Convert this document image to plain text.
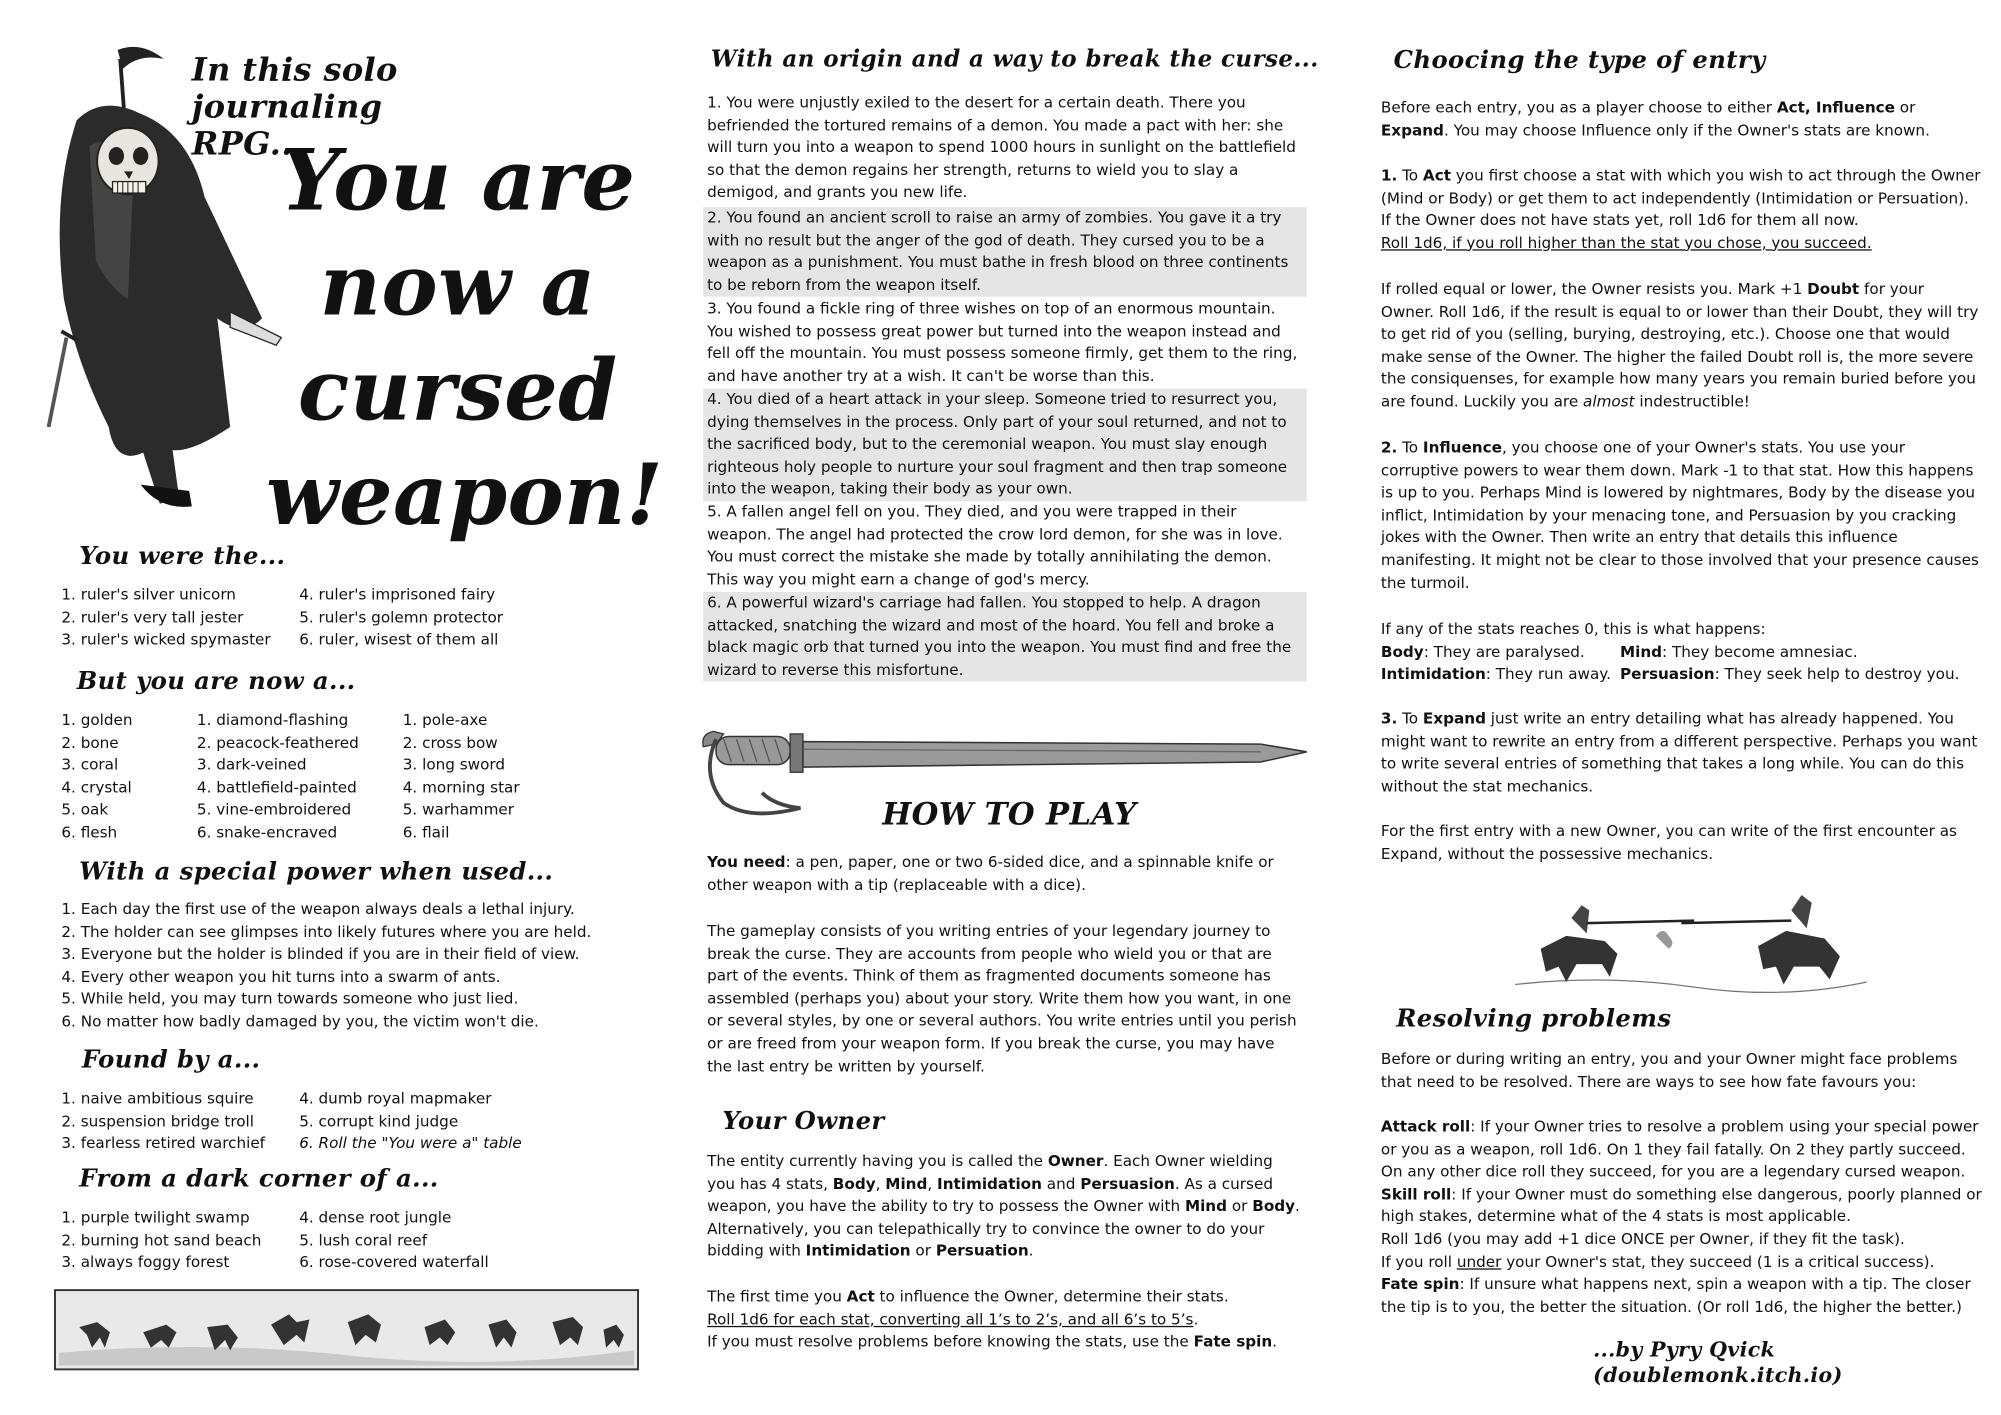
In this solo journaling RPG...
You are
now a
cursed
weapon!
You were the...
1. ruler's silver unicorn
2. ruler's very tall jester
3. ruler's wicked spymaster
4. ruler's imprisoned fairy
5. ruler's golemn protector
6. ruler, wisest of them all
But you are now a...
1. golden
2. bone
3. coral
4. crystal
5. oak
6. flesh
1. diamond-flashing
2. peacock-feathered
3. dark-veined
4. battlefield-painted
5. vine-embroidered
6. snake-encraved
1. pole-axe
2. cross bow
3. long sword
4. morning star
5. warhammer
6. flail
With a special power when used...
1. Each day the first use of the weapon always deals a lethal injury.
2. The holder can see glimpses into likely futures where you are held.
3. Everyone but the holder is blinded if you are in their field of view.
4. Every other weapon you hit turns into a swarm of ants.
5. While held, you may turn towards someone who just lied.
6. No matter how badly damaged by you, the victim won't die.
Found by a...
1. naive ambitious squire
2. suspension bridge troll
3. fearless retired warchief
4. dumb royal mapmaker
5. corrupt kind judge
6. Roll the "You were a" table
From a dark corner of a...
1. purple twilight swamp
2. burning hot sand beach
3. always foggy forest
4. dense root jungle
5. lush coral reef
6. rose-covered waterfall
With an origin and a way to break the curse...

1. You were unjustly exiled to the desert for a certain death. There you befriended the tortured remains of a demon. You made a pact with her: she will turn you into a weapon to spend 1000 hours in sunlight on the battlefield so that the demon regains her strength, returns to wield you to slay a demigod, and grants you new life.

2. You found an ancient scroll to raise an army of zombies. You gave it a try with no result but the anger of the god of death. They cursed you to be a weapon as a punishment. You must bathe in fresh blood on three continents to be reborn from the weapon itself.

3. You found a fickle ring of three wishes on top of an enormous mountain. You wished to possess great power but turned into the weapon instead and fell off the mountain. You must possess someone firmly, get them to the ring, and have another try at a wish. It can't be worse than this.

4. You died of a heart attack in your sleep. Someone tried to resurrect you, dying themselves in the process. Only part of your soul returned, and not to the sacrificed body, but to the ceremonial weapon. You must slay enough righteous holy people to nurture your soul fragment and then trap someone into the weapon, taking their body as your own.

5. A fallen angel fell on you. They died, and you were trapped in their weapon. The angel had protected the crow lord demon, for she was in love. You must correct the mistake she made by totally annihilating the demon. This way you might earn a change of god's mercy.

6. A powerful wizard's carriage had fallen. You stopped to help. A dragon attacked, snatching the wizard and most of the hoard. You fell and broke a black magic orb that turned you into the weapon. You must find and free the wizard to reverse this misfortune.

HOW TO PLAY

You need: a pen, paper, one or two 6-sided dice, and a spinnable knife or other weapon with a tip (replaceable with a dice).

The gameplay consists of you writing entries of your legendary journey to break the curse. They are accounts from people who wield you or that are part of the events. Think of them as fragmented documents someone has assembled (perhaps you) about your story. Write them how you want, in one or several styles, by one or several authors. You write entries until you perish or are freed from your weapon form. If you break the curse, you may have the last entry be written by yourself.

Your Owner

The entity currently having you is called the Owner. Each Owner wielding you has 4 stats, Body, Mind, Intimidation and Persuasion. As a cursed weapon, you have the ability to try to possess the Owner with Mind or Body. Alternatively, you can telepathically try to convince the owner to do your bidding with Intimidation or Persuation.

The first time you Act to influence the Owner, determine their stats.

Roll 1d6 for each stat, converting all 1’s to 2’s, and all 6’s to 5’s.

If you must resolve problems before knowing the stats, use the Fate spin.

Choocing the type of entry

Before each entry, you as a player choose to either Act, Influence or Expand. You may choose Influence only if the Owner's stats are known.

1. To Act you first choose a stat with which you wish to act through the Owner (Mind or Body) or get them to act independently (Intimidation or Persuation). If the Owner does not have stats yet, roll 1d6 for them all now.

Roll 1d6, if you roll higher than the stat you chose, you succeed.

If rolled equal or lower, the Owner resists you. Mark +1 Doubt for your Owner. Roll 1d6, if the result is equal to or lower than their Doubt, they will try to get rid of you (selling, burying, destroying, etc.). Choose one that would make sense of the Owner. The higher the failed Doubt roll is, the more severe the consiquenses, for example how many years you remain buried before you are found. Luckily you are almost indestructible!

2. To Influence, you choose one of your Owner's stats. You use your corruptive powers to wear them down. Mark -1 to that stat. How this happens is up to you. Perhaps Mind is lowered by nightmares, Body by the disease you inflict, Intimidation by your menacing tone, and Persuasion by you cracking jokes with the Owner. Then write an entry that details this influence manifesting. It might not be clear to those involved that your presence causes the turmoil.

If any of the stats reaches 0, this is what happens:

Body: They are paralysed.	Mind: They become amnesiac.
Intimidation: They run away. Persuasion: They seek help to destroy you.

3. To Expand just write an entry detailing what has already happened. You might want to rewrite an entry from a different perspective. Perhaps you want to write several entries of something that takes a long while. You can do this without the stat mechanics.

For the first entry with a new Owner, you can write of the first encounter as Expand, without the possessive mechanics.

Resolving problems

Before or during writing an entry, you and your Owner might face problems that need to be resolved. There are ways to see how fate favours you:

Attack roll: If your Owner tries to resolve a problem using your special power or you as a weapon, roll 1d6. On 1 they fail fatally. On 2 they partly succeed. On any other dice roll they succeed, for you are a legendary cursed weapon.

Skill roll: If your Owner must do something else dangerous, poorly planned or high stakes, determine what of the 4 stats is most applicable.

Roll 1d6 (you may add +1 dice ONCE per Owner, if they fit the task).

If you roll under your Owner's stat, they succeed (1 is a critical success).

Fate spin: If unsure what happens next, spin a weapon with a tip. The closer the tip is to you, the better the situation. (Or roll 1d6, the higher the better.)

...by Pyry Qvick (doublemonk.itch.io)
